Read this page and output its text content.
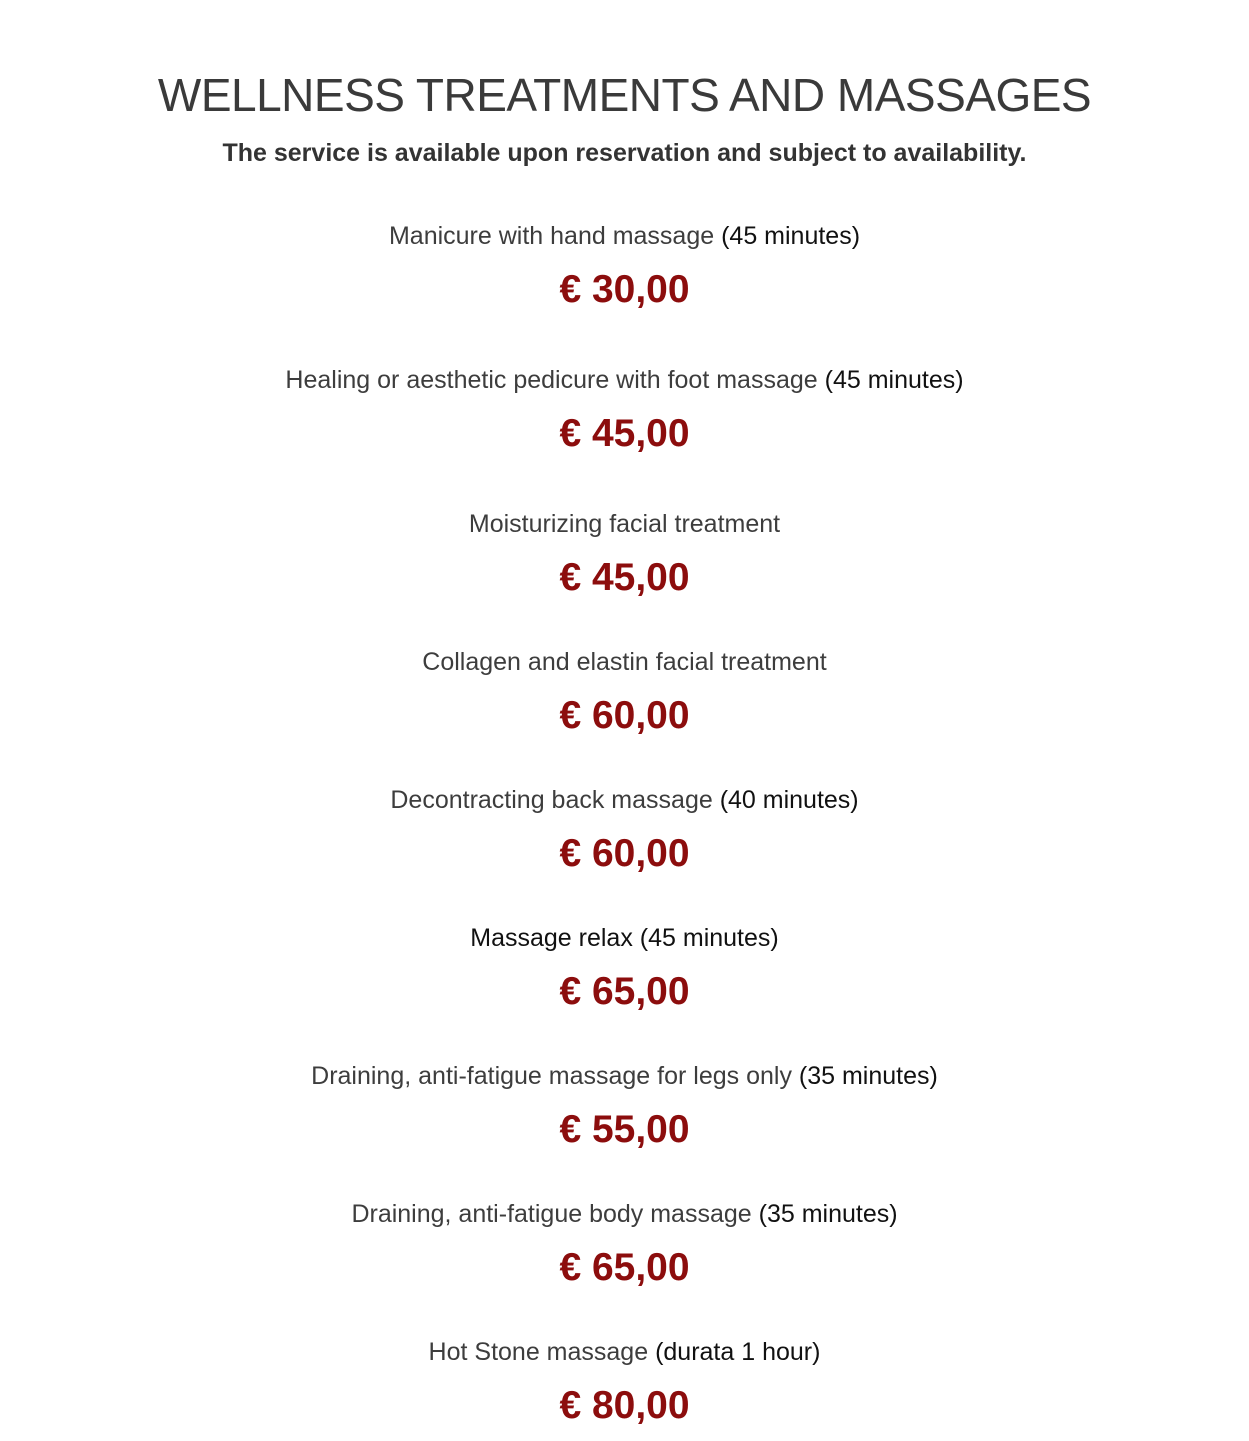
WELLNESS TREATMENTS AND MASSAGES

The service is available upon reservation and subject to availability.

Manicure with hand massage (45 minutes)

€ 30,00

Healing or aesthetic pedicure with foot massage (45 minutes)

€ 45,00

Moisturizing facial treatment

€ 45,00

Collagen and elastin facial treatment

€ 60,00

Decontracting back massage (40 minutes)

€ 60,00

Massage relax (45 minutes)

€ 65,00

Draining, anti-fatigue massage for legs only (35 minutes)

€ 55,00

Draining, anti-fatigue body massage (35 minutes)

€ 65,00

Hot Stone massage (durata 1 hour)

€ 80,00
